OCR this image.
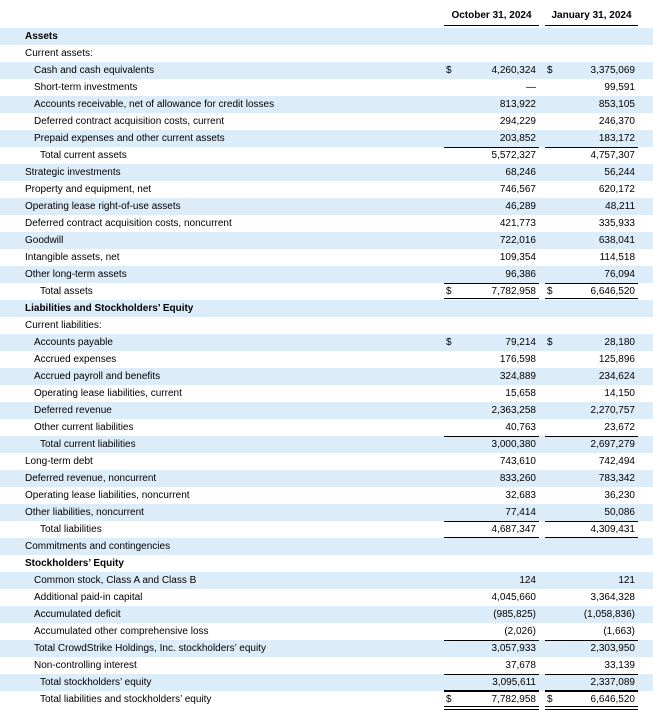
October 31, 2024	January 31, 2024
Assets
Current assets:
Cash and cash equivalents	$	4,260,324 $	3,375,069
Short-term investments	—	99,591
Accounts receivable, net of allowance for credit losses	813,922	853,105
Deferred contract acquisition costs, current	294,229	246,370
Prepaid expenses and other current assets	203,852	183,172
Total current assets	5,572,327	4,757,307
Strategic investments	68,246	56,244
Property and equipment, net	746,567	620,172
Operating lease right-of-use assets	46,289	48,211
Deferred contract acquisition costs, noncurrent	421,773	335,933
Goodwill	722,016	638,041
Intangible assets, net	109,354	114,518
Other long-term assets	96,386	76,094
Total assets	$	7,782,958 $	6,646,520
Liabilities and Stockholders’ Equity
Current liabilities:
Accounts payable	$	79,214 $	28,180
Accrued expenses	176,598	125,896
Accrued payroll and benefits	324,889	234,624
Operating lease liabilities, current	15,658	14,150
Deferred revenue	2,363,258	2,270,757
Other current liabilities	40,763	23,672
Total current liabilities	3,000,380	2,697,279
Long-term debt	743,610	742,494
Deferred revenue, noncurrent	833,260	783,342
Operating lease liabilities, noncurrent	32,683	36,230
Other liabilities, noncurrent	77,414	50,086
Total liabilities	4,687,347	4,309,431
Commitments and contingencies
Stockholders’ Equity
Common stock, Class A and Class B	124	121
Additional paid-in capital	4,045,660	3,364,328
Accumulated deficit	(985,825)	(1,058,836)
Accumulated other comprehensive loss	(2,026)	(1,663)
Total CrowdStrike Holdings, Inc. stockholders’ equity	3,057,933	2,303,950
Non-controlling interest	37,678	33,139
Total stockholders’ equity	3,095,611	2,337,089
Total liabilities and stockholders’ equity	$	7,782,958 $	6,646,520
